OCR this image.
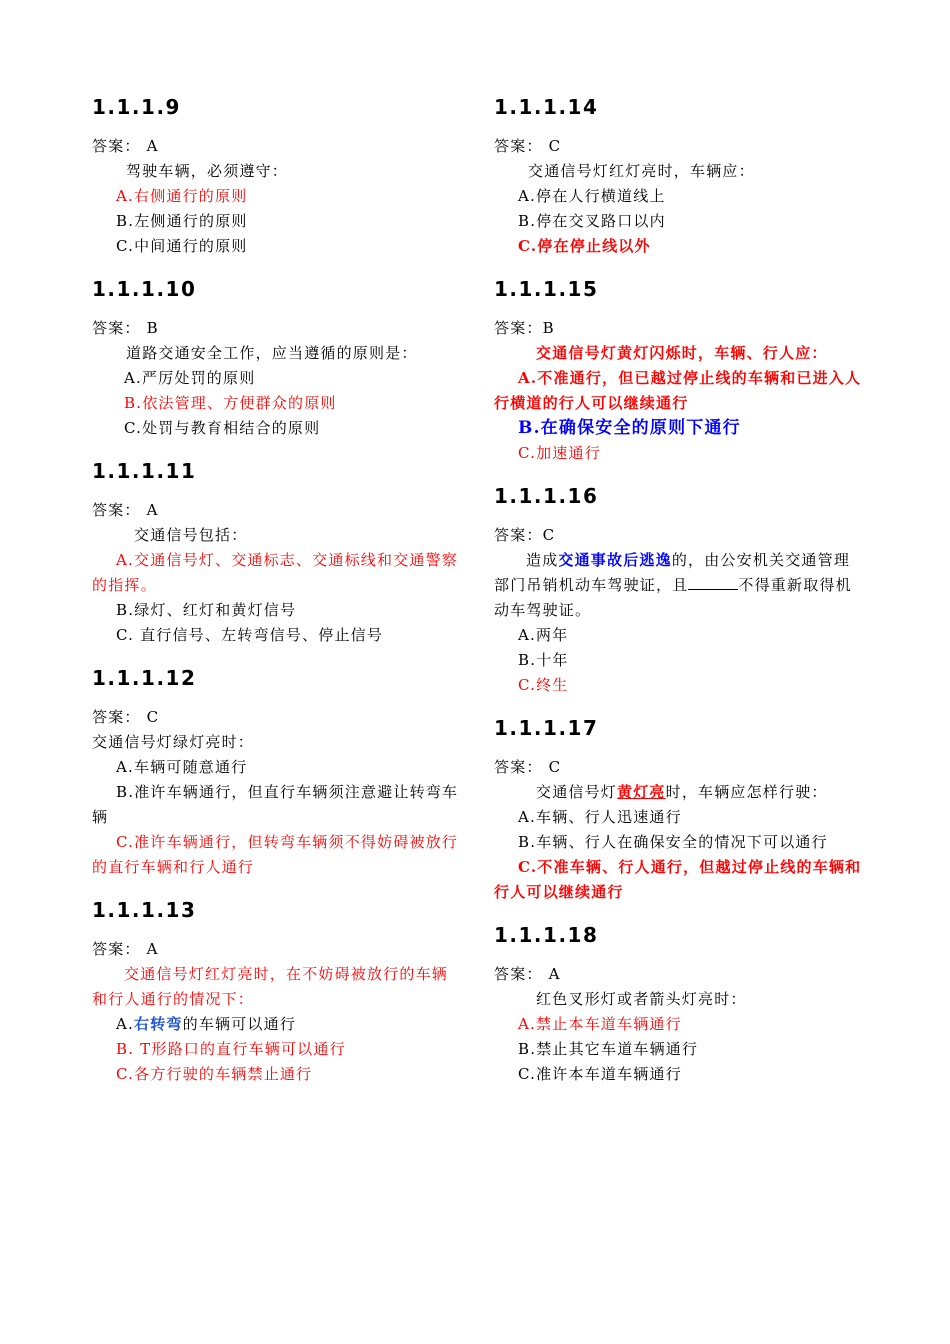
1.1.1.9
答案： A
驾驶车辆，必须遵守：
A.右侧通行的原则
B.左侧通行的原则
C.中间通行的原则
1.1.1.10
答案： B
道路交通安全工作，应当遵循的原则是：
A.严厉处罚的原则
B.依法管理、方便群众的原则
C.处罚与教育相结合的原则
1.1.1.11
答案： A
交通信号包括：
A.交通信号灯、交通标志、交通标线和交通警察的指挥。
B.绿灯、红灯和黄灯信号
C. 直行信号、左转弯信号、停止信号
1.1.1.12
答案： C
交通信号灯绿灯亮时：
A.车辆可随意通行
B.准许车辆通行，但直行车辆须注意避让转弯车辆
C.准许车辆通行，但转弯车辆须不得妨碍被放行的直行车辆和行人通行
1.1.1.13
答案： A
交通信号灯红灯亮时，在不妨碍被放行的车辆和行人通行的情况下：
A.右转弯的车辆可以通行
B. T形路口的直行车辆可以通行
C.各方行驶的车辆禁止通行
1.1.1.14
答案： C
交通信号灯红灯亮时，车辆应：
A.停在人行横道线上
B.停在交叉路口以内
C.停在停止线以外
1.1.1.15
答案：B
交通信号灯黄灯闪烁时，车辆、行人应：
A.不准通行，但已越过停止线的车辆和已进入人行横道的行人可以继续通行
B.在确保安全的原则下通行
C.加速通行
1.1.1.16
答案：C
造成交通事故后逃逸的，由公安机关交通管理部门吊销机动车驾驶证，且	不得重新取得机动车驾驶证。
A.两年
B.十年
C.终生
1.1.1.17
答案： C
交通信号灯黄灯亮时，车辆应怎样行驶：
A.车辆、行人迅速通行
B.车辆、行人在确保安全的情况下可以通行
C.不准车辆、行人通行，但越过停止线的车辆和行人可以继续通行
1.1.1.18
答案： A
红色叉形灯或者箭头灯亮时：
A.禁止本车道车辆通行
B.禁止其它车道车辆通行
C.准许本车道车辆通行
